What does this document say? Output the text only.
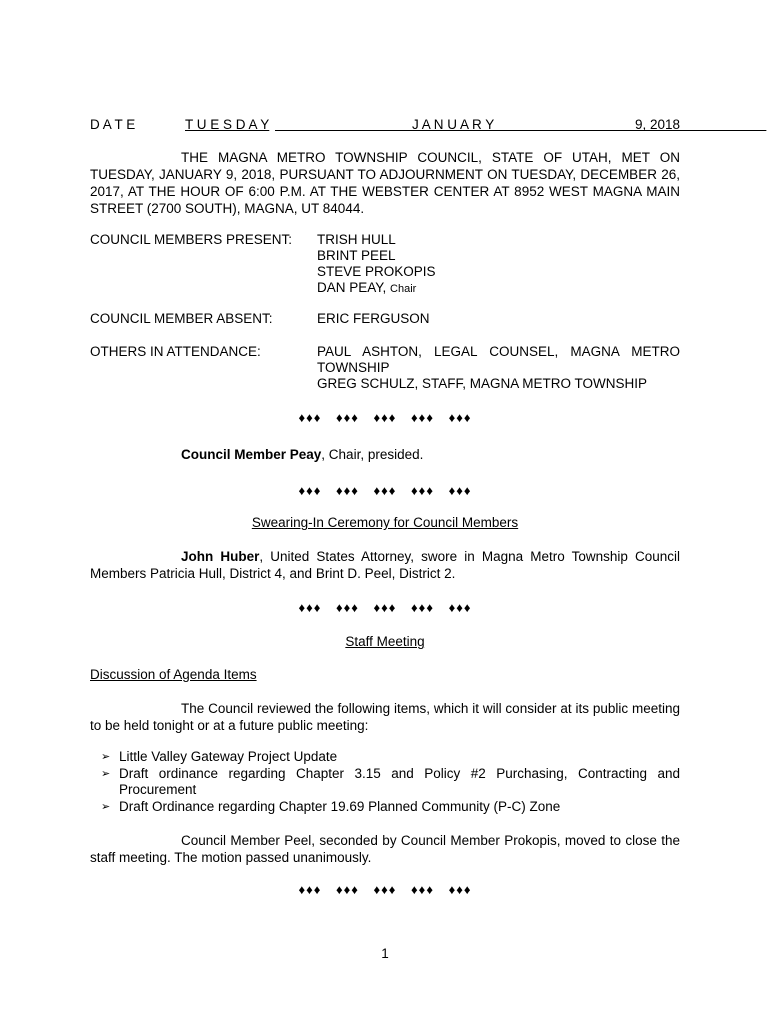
D A T E	T U E S D A Y	J A N U A R Y
	9, 2018
THE MAGNA METRO TOWNSHIP COUNCIL, STATE OF UTAH, MET ON TUESDAY, JANUARY 9, 2018, PURSUANT TO ADJOURNMENT ON TUESDAY, DECEMBER 26, 2017, AT THE HOUR OF 6:00 P.M. AT THE WEBSTER CENTER AT 8952 WEST MAGNA MAIN STREET (2700 SOUTH), MAGNA, UT 84044.
COUNCIL MEMBERS PRESENT:	TRISH HULL
BRINT PEEL
STEVE PROKOPIS
DAN PEAY, Chair
COUNCIL MEMBER ABSENT:	ERIC FERGUSON
OTHERS IN ATTENDANCE:	PAUL ASHTON, LEGAL COUNSEL, MAGNA METRO TOWNSHIP
GREG SCHULZ, STAFF, MAGNA METRO TOWNSHIP
♦♦♦ ♦♦♦ ♦♦♦ ♦♦♦ ♦♦♦
Council Member Peay, Chair, presided.
♦♦♦ ♦♦♦ ♦♦♦ ♦♦♦ ♦♦♦
Swearing-In Ceremony for Council Members
John Huber, United States Attorney, swore in Magna Metro Township Council Members Patricia Hull, District 4, and Brint D. Peel, District 2.
♦♦♦ ♦♦♦ ♦♦♦ ♦♦♦ ♦♦♦
Staff Meeting
Discussion of Agenda Items
The Council reviewed the following items, which it will consider at its public meeting to be held tonight or at a future public meeting:
➢ Little Valley Gateway Project Update
➢ Draft ordinance regarding Chapter 3.15 and Policy #2 Purchasing, Contracting and Procurement
➢ Draft Ordinance regarding Chapter 19.69 Planned Community (P-C) Zone
Council Member Peel, seconded by Council Member Prokopis, moved to close the staff meeting. The motion passed unanimously.
♦♦♦ ♦♦♦ ♦♦♦ ♦♦♦ ♦♦♦
1
